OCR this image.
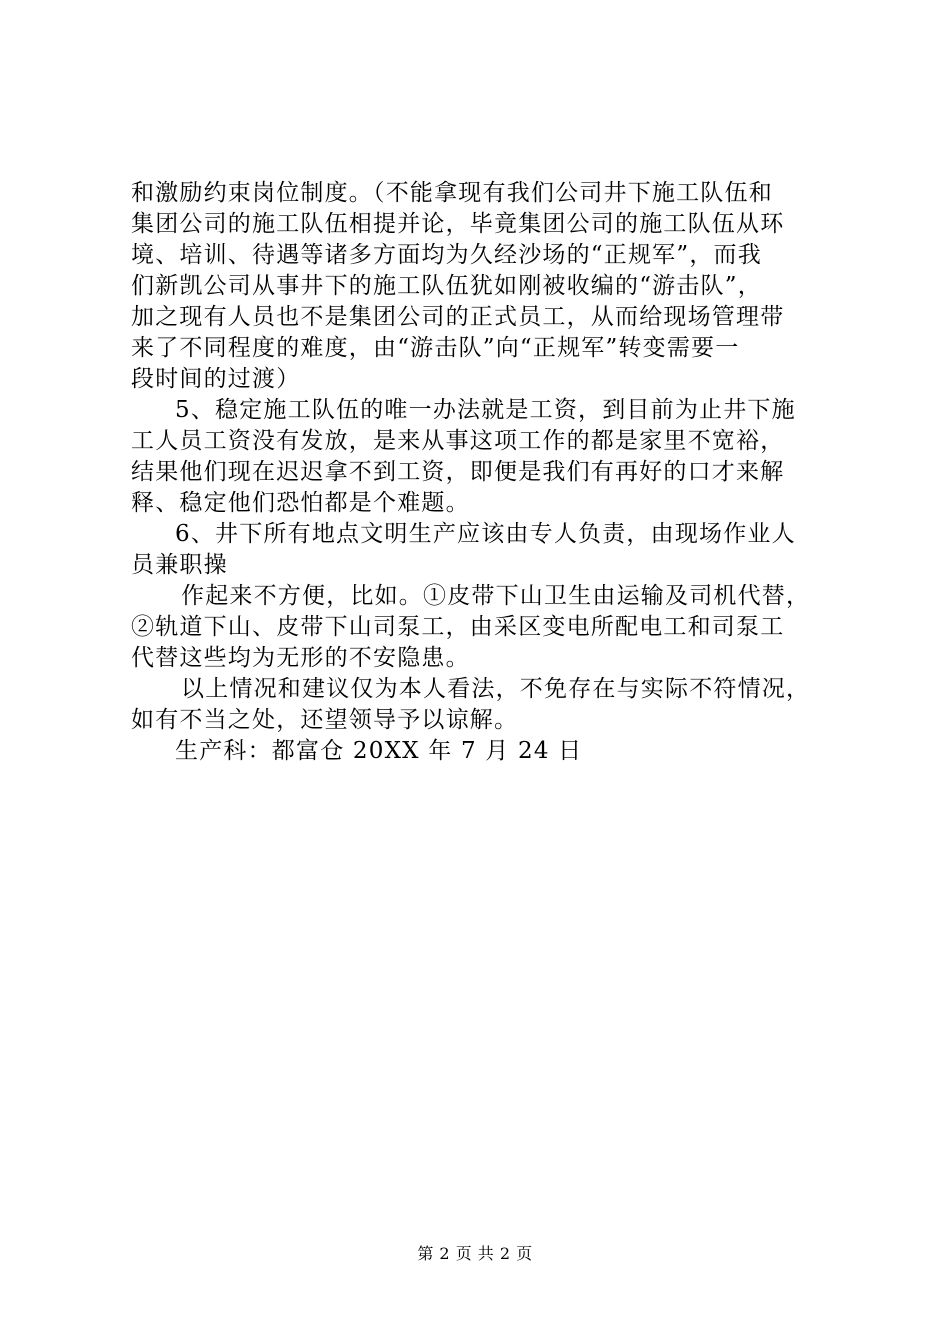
和激励约束岗位制度。（不能拿现有我们公司井下施工队伍和
集团公司的施工队伍相提并论，毕竟集团公司的施工队伍从环
境、培训、待遇等诸多方面均为久经沙场的“正规军”，而我
们新凯公司从事井下的施工队伍犹如刚被收编的“游击队”，
加之现有人员也不是集团公司的正式员工，从而给现场管理带
来了不同程度的难度，由“游击队”向“正规军”转变需要一
段时间的过渡）
5、稳定施工队伍的唯一办法就是工资，到目前为止井下施
工人员工资没有发放，是来从事这项工作的都是家里不宽裕，
结果他们现在迟迟拿不到工资，即便是我们有再好的口才来解
释、稳定他们恐怕都是个难题。
6、井下所有地点文明生产应该由专人负责，由现场作业人
员兼职操
作起来不方便，比如。①皮带下山卫生由运输及司机代替，
②轨道下山、皮带下山司泵工，由采区变电所配电工和司泵工
代替这些均为无形的不安隐患。
以上情况和建议仅为本人看法，不免存在与实际不符情况，
如有不当之处，还望领导予以谅解。
生产科：都富仓 20XX 年 7 月 24 日
第 2 页 共 2 页
